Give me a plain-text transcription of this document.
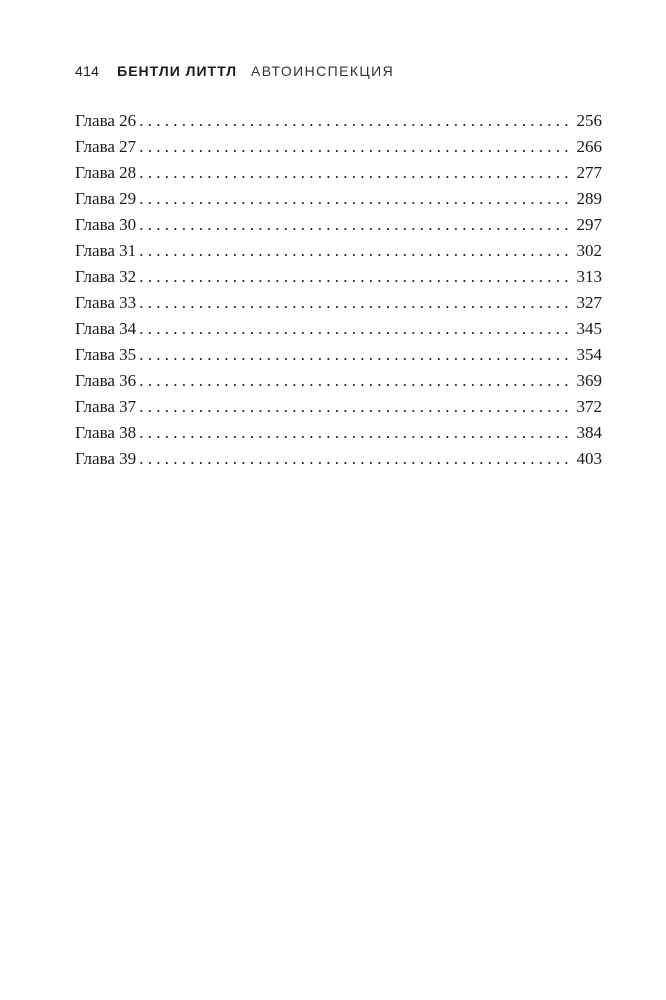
414 БЕНТЛИ ЛИТТЛ АВТОИНСПЕКЦИЯ
Глава 26 . . .	256
Глава 27 . . .	266
Глава 28 . . .	277
Глава 29 . . .	289
Глава 30 . . .	297
Глава 31 . . .	302
Глава 32 . . .	313
Глава 33 . . .	327
Глава 34 . . .	345
Глава 35 . . .	354
Глава 36 . . .	369
Глава 37 . . .	372
Глава 38 . . .	384
Глава 39 . . .	403
